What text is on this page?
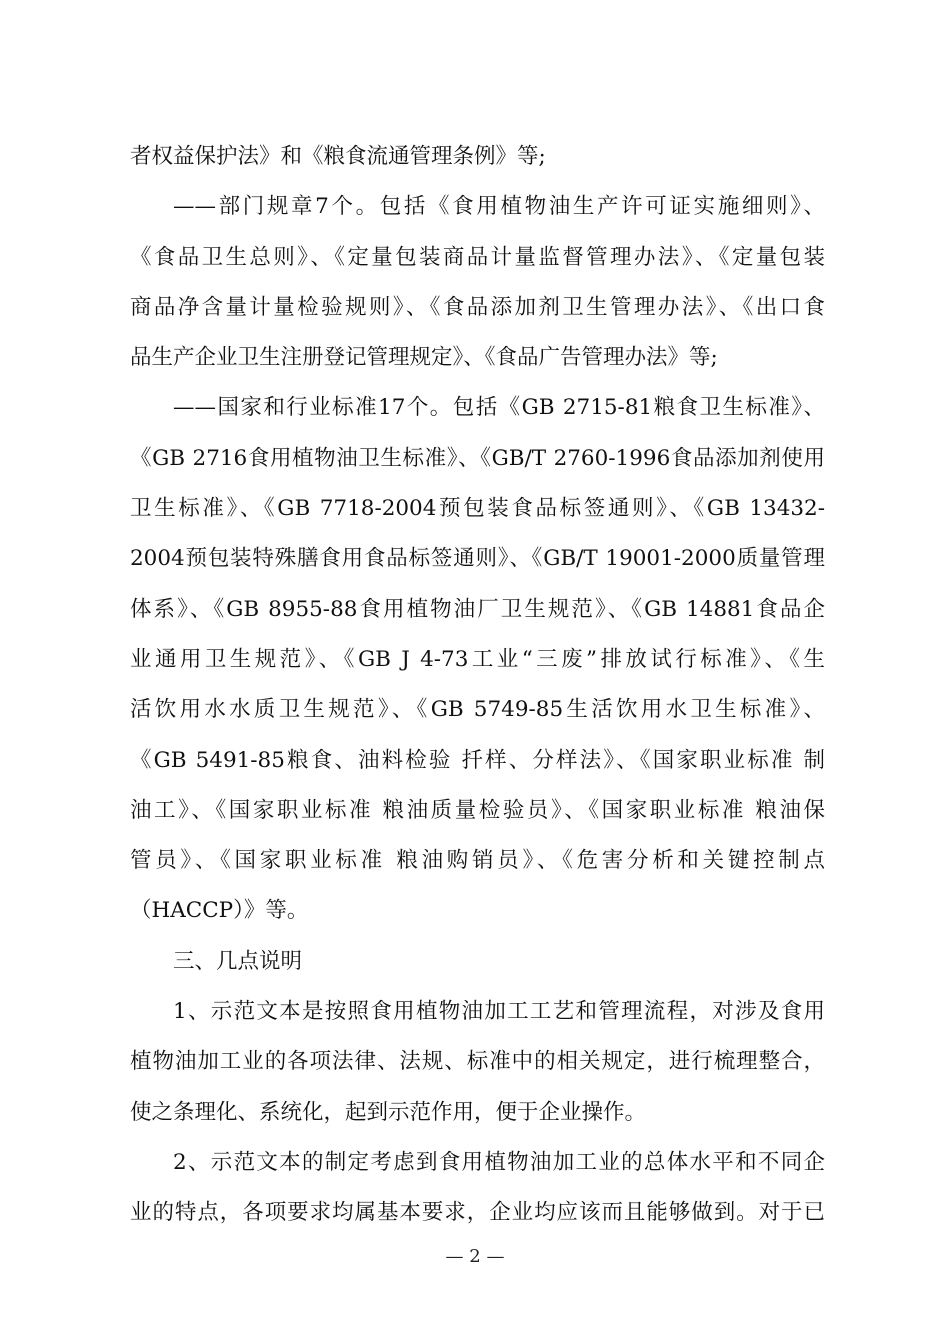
者权益保护法》和《粮食流通管理条例》等;
——部门规章7个。包括《食用植物油生产许可证实施细则》、
《食品卫生总则》、《定量包装商品计量监督管理办法》、《定量包装
商品净含量计量检验规则》、《食品添加剂卫生管理办法》、《出口食
品生产企业卫生注册登记管理规定》、《食品广告管理办法》等;
——国家和行业标准17个。包括《GB 2715-81粮食卫生标准》、
《GB 2716食用植物油卫生标准》、《GB/T 2760-1996食品添加剂使用
卫生标准》、《GB 7718-2004预包装食品标签通则》、《GB 13432-
2004预包装特殊膳食用食品标签通则》、《GB/T 19001-2000质量管理
体系》、《GB 8955-88食用植物油厂卫生规范》、《GB 14881食品企
业通用卫生规范》、《GB J 4-73工业“三废”排放试行标准》、《生
活饮用水水质卫生规范》、《GB 5749-85生活饮用水卫生标准》、
《GB 5491-85粮食、油料检验 扦样、分样法》、《国家职业标准 制
油工》、《国家职业标准 粮油质量检验员》、《国家职业标准 粮油保
管员》、《国家职业标准 粮油购销员》、《危害分析和关键控制点
（HACCP）》等。
三、几点说明
1、示范文本是按照食用植物油加工工艺和管理流程，对涉及食用
植物油加工业的各项法律、法规、标准中的相关规定，进行梳理整合，
使之条理化、系统化，起到示范作用，便于企业操作。
2、示范文本的制定考虑到食用植物油加工业的总体水平和不同企
业的特点，各项要求均属基本要求，企业均应该而且能够做到。对于已
— 2 —
